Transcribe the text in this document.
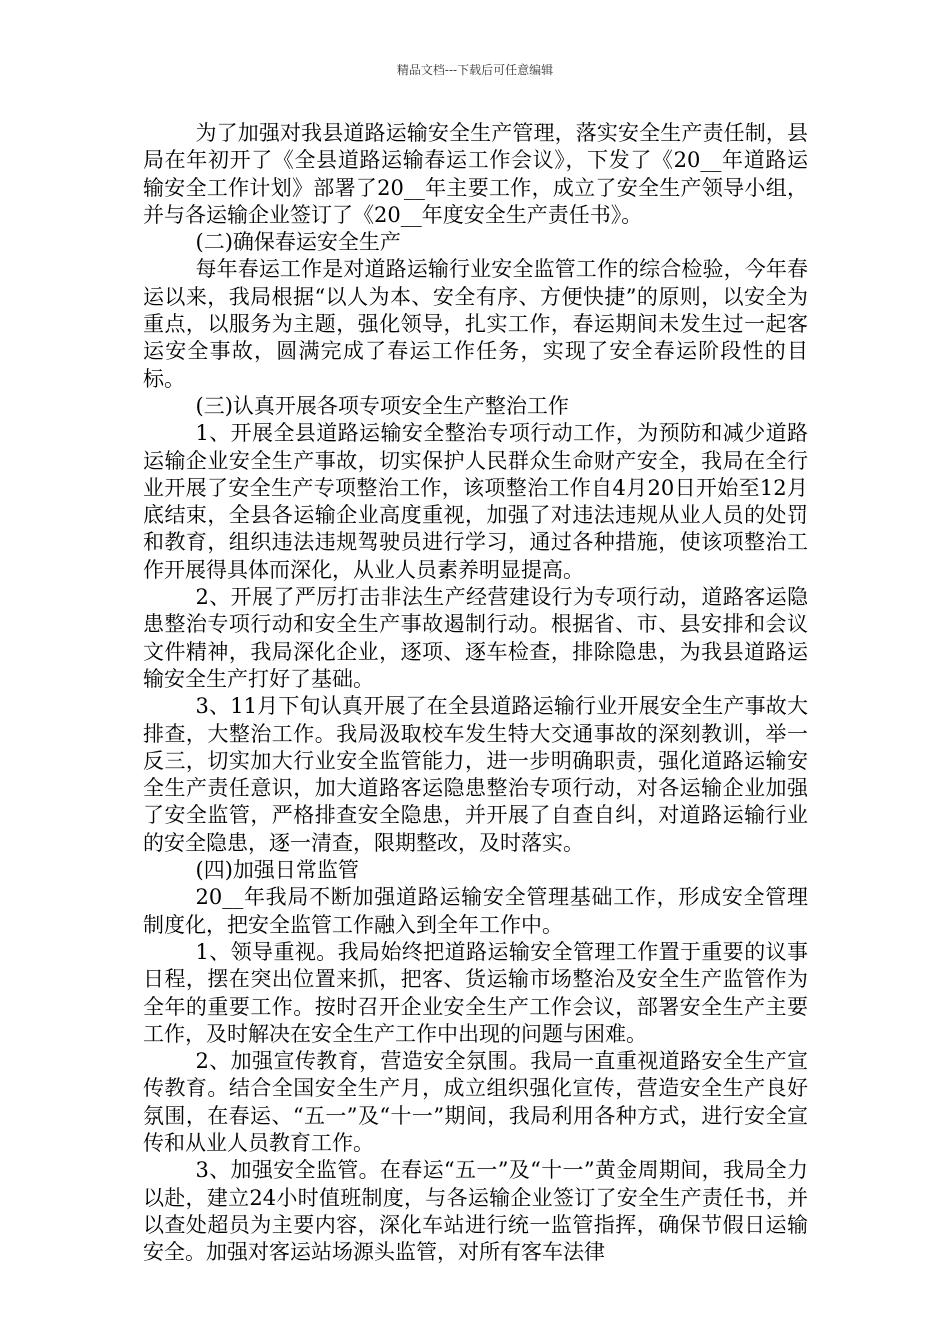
精品文档---下载后可任意编辑

为了加强对我县道路运输安全生产管理，落实安全生产责任制，县局在年初开了《全县道路运输春运工作会议》，下发了《20__年道路运输安全工作计划》部署了20__年主要工作，成立了安全生产领导小组，并与各运输企业签订了《20__年度安全生产责任书》。

(二)确保春运安全生产

每年春运工作是对道路运输行业安全监管工作的综合检验，今年春运以来，我局根据“以人为本、安全有序、方便快捷”的原则，以安全为重点，以服务为主题，强化领导，扎实工作，春运期间未发生过一起客运安全事故，圆满完成了春运工作任务，实现了安全春运阶段性的目标。

(三)认真开展各项专项安全生产整治工作

1、开展全县道路运输安全整治专项行动工作，为预防和减少道路运输企业安全生产事故，切实保护人民群众生命财产安全，我局在全行业开展了安全生产专项整治工作，该项整治工作自4月20日开始至12月底结束，全县各运输企业高度重视，加强了对违法违规从业人员的处罚和教育，组织违法违规驾驶员进行学习，通过各种措施，使该项整治工作开展得具体而深化，从业人员素养明显提高。

2、开展了严厉打击非法生产经营建设行为专项行动，道路客运隐患整治专项行动和安全生产事故遏制行动。根据省、市、县安排和会议文件精神，我局深化企业，逐项、逐车检查，排除隐患，为我县道路运输安全生产打好了基础。

3、11月下旬认真开展了在全县道路运输行业开展安全生产事故大排查，大整治工作。我局汲取校车发生特大交通事故的深刻教训，举一反三，切实加大行业安全监管能力，进一步明确职责，强化道路运输安全生产责任意识，加大道路客运隐患整治专项行动，对各运输企业加强了安全监管，严格排查安全隐患，并开展了自查自纠，对道路运输行业的安全隐患，逐一清查，限期整改，及时落实。

(四)加强日常监管

20__年我局不断加强道路运输安全管理基础工作，形成安全管理制度化，把安全监管工作融入到全年工作中。

1、领导重视。我局始终把道路运输安全管理工作置于重要的议事日程，摆在突出位置来抓，把客、货运输市场整治及安全生产监管作为全年的重要工作。按时召开企业安全生产工作会议，部署安全生产主要工作，及时解决在安全生产工作中出现的问题与困难。

2、加强宣传教育，营造安全氛围。我局一直重视道路安全生产宣传教育。结合全国安全生产月，成立组织强化宣传，营造安全生产良好氛围，在春运、“五一”及“十一”期间，我局利用各种方式，进行安全宣传和从业人员教育工作。

3、加强安全监管。在春运“五一”及“十一”黄金周期间，我局全力以赴，建立24小时值班制度，与各运输企业签订了安全生产责任书，并以查处超员为主要内容，深化车站进行统一监管指挥，确保节假日运输安全。加强对客运站场源头监管，对所有客车法律
